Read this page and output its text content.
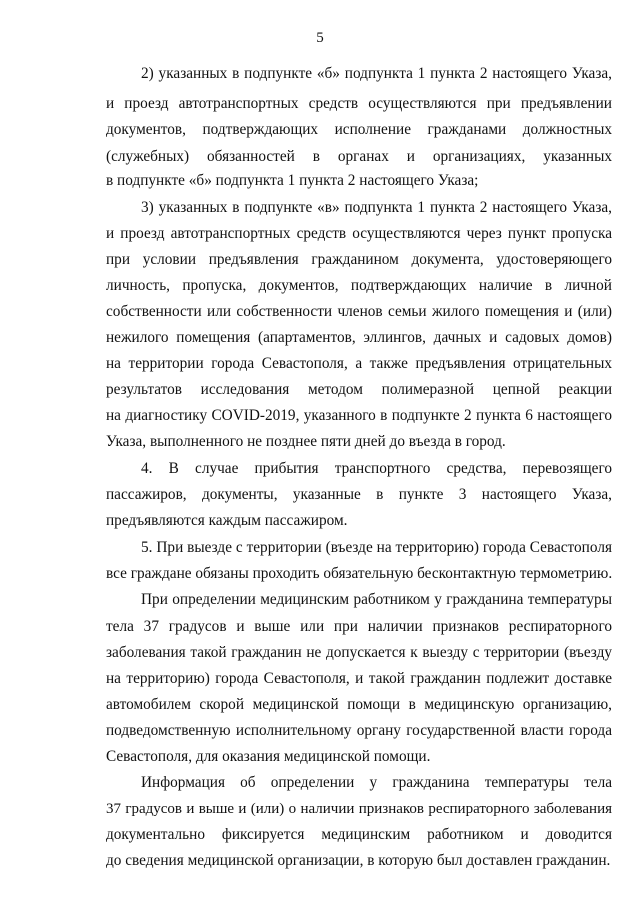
5
2) указанных в подпункте «б» подпункта 1 пункта 2 настоящего Указа,
и проезд автотранспортных средств осуществляются при предъявлении
документов, подтверждающих исполнение гражданами должностных
(служебных) обязанностей в органах и организациях, указанных
в подпункте «б» подпункта 1 пункта 2 настоящего Указа;
3) указанных в подпункте «в» подпункта 1 пункта 2 настоящего Указа,
и проезд автотранспортных средств осуществляются через пункт пропуска
при условии предъявления гражданином документа, удостоверяющего
личность, пропуска, документов, подтверждающих наличие в личной
собственности или собственности членов семьи жилого помещения и (или)
нежилого помещения (апартаментов, эллингов, дачных и садовых домов)
на территории города Севастополя, а также предъявления отрицательных
результатов исследования методом полимеразной цепной реакции
на диагностику COVID-2019, указанного в подпункте 2 пункта 6 настоящего
Указа, выполненного не позднее пяти дней до въезда в город.
4. В случае прибытия транспортного средства, перевозящего
пассажиров, документы, указанные в пункте 3 настоящего Указа,
предъявляются каждым пассажиром.
5. При выезде с территории (въезде на территорию) города Севастополя
все граждане обязаны проходить обязательную бесконтактную термометрию.
При определении медицинским работником у гражданина температуры
тела 37 градусов и выше или при наличии признаков респираторного
заболевания такой гражданин не допускается к выезду с территории (въезду
на территорию) города Севастополя, и такой гражданин подлежит доставке
автомобилем скорой медицинской помощи в медицинскую организацию,
подведомственную исполнительному органу государственной власти города
Севастополя, для оказания медицинской помощи.
Информация об определении у гражданина температуры тела
37 градусов и выше и (или) о наличии признаков респираторного заболевания
документально фиксируется медицинским работником и доводится
до сведения медицинской организации, в которую был доставлен гражданин.
